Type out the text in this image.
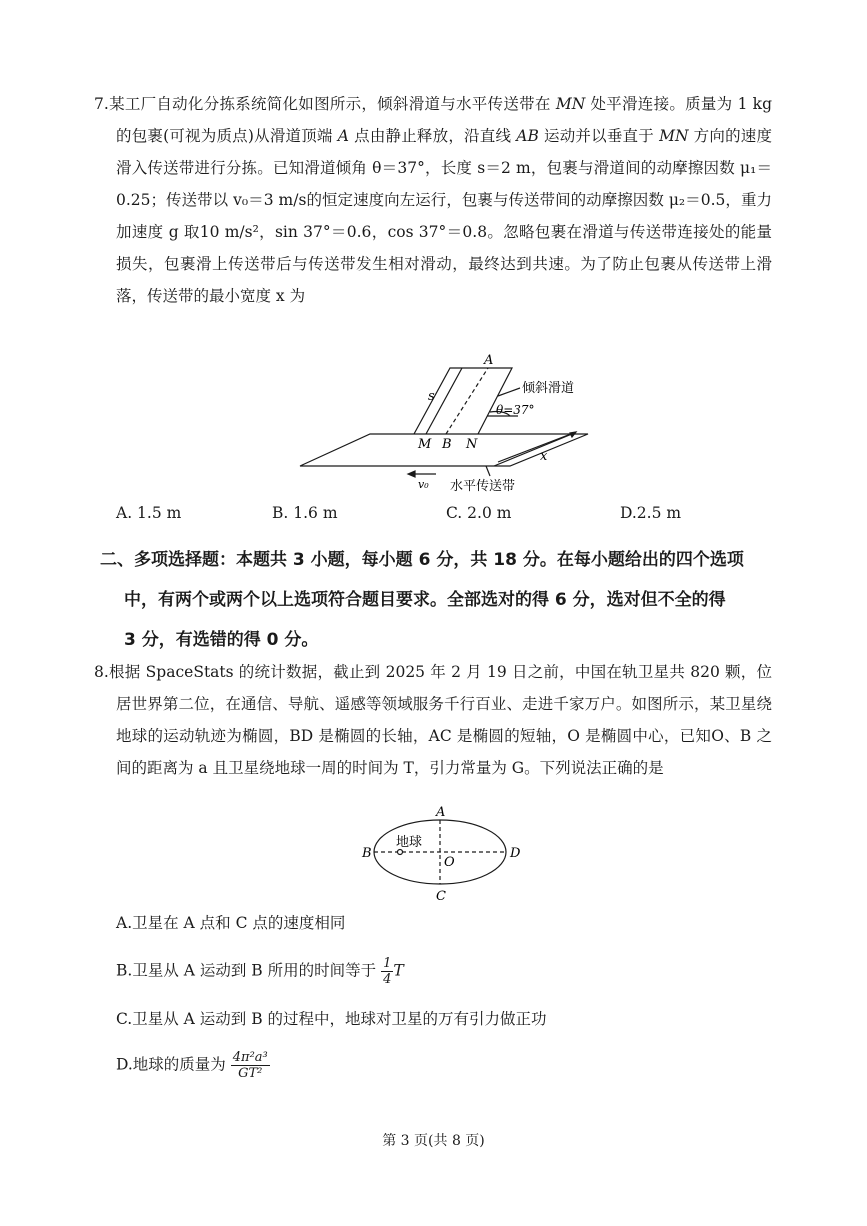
7.某工厂自动化分拣系统简化如图所示，倾斜滑道与水平传送带在 MN 处平滑连接。质量为 1 kg 的包裹(可视为质点)从滑道顶端 A 点由静止释放，沿直线 AB 运动并以垂直于 MN 方向的速度滑入传送带进行分拣。已知滑道倾角 θ＝37°，长度 s＝2 m，包裹与滑道间的动摩擦因数 μ₁＝0.25；传送带以 v₀＝3 m/s的恒定速度向左运行，包裹与传送带间的动摩擦因数 μ₂＝0.5，重力加速度 g 取10 m/s²，sin 37°＝0.6，cos 37°＝0.8。忽略包裹在滑道与传送带连接处的能量损失，包裹滑上传送带后与传送带发生相对滑动，最终达到共速。为了防止包裹从传送带上滑落，传送带的最小宽度 x 为
A
s
倾斜滑道
θ=37°
M B N
x
v₀ 水平传送带
A. 1.5 m	B. 1.6 m	C. 2.0 m	D.2.5 m
二、多项选择题：本题共 3 小题，每小题 6 分，共 18 分。在每小题给出的四个选项
中，有两个或两个以上选项符合题目要求。全部选对的得 6 分，选对但不全的得
3 分，有选错的得 0 分。
8.根据 SpaceStats 的统计数据，截止到 2025 年 2 月 19 日之前，中国在轨卫星共 820 颗，位居世界第二位，在通信、导航、遥感等领域服务千行百业、走进千家万户。如图所示，某卫星绕地球的运动轨迹为椭圆，BD 是椭圆的长轴，AC 是椭圆的短轴，O 是椭圆中心，已知O、B 之间的距离为 a 且卫星绕地球一周的时间为 T，引力常量为 G。下列说法正确的是
A
B
C
D
O
地球
A.卫星在 A 点和 C 点的速度相同
B.卫星从 A 运动到 B 所用的时间等于 $\frac{1}{4}$ T
C.卫星从 A 运动到 B 的过程中，地球对卫星的万有引力做正功
D.地球的质量为 $\frac{\text{4π²a³}}{\text{GT²}}$
第 3 页(共 8 页)
